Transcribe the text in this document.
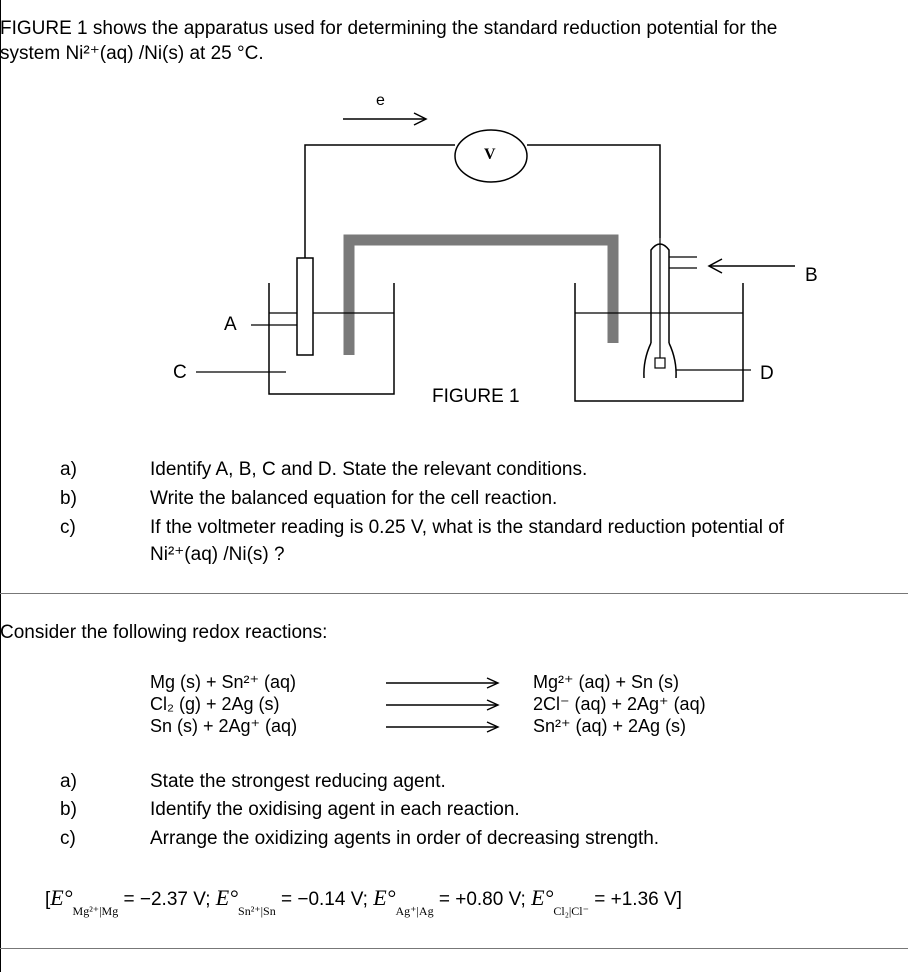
FIGURE 1 shows the apparatus used for determining the standard reduction potential for the
system Ni²⁺(aq) /Ni(s) at 25 °C.
e
V
A
B
C	D
FIGURE 1
a)	Identify A, B, C and D. State the relevant conditions.
b)	Write the balanced equation for the cell reaction.
c)	If the voltmeter reading is 0.25 V, what is the standard reduction potential of
Ni²⁺(aq) /Ni(s) ?
Consider the following redox reactions:
Mg (s) + Sn²⁺ (aq)	Mg²⁺ (aq) + Sn (s)
Cl₂ (g) + 2Ag (s)	2Cl⁻ (aq) + 2Ag⁺ (aq)
Sn (s) + 2Ag⁺ (aq)	Sn²⁺ (aq) + 2Ag (s)
a)	State the strongest reducing agent.
b)	Identify the oxidising agent in each reaction.
c)	Arrange the oxidizing agents in order of decreasing strength.
[$E^\circ_{Mg^{2+}|Mg} = -2.37$ V; $E^\circ_{Sn^{2+}|Sn} = -0.14$ V; $E^\circ_{Ag^+|Ag} = +0.80$ V; $E^\circ_{Cl_2|Cl^-} = +1.36$ V]
